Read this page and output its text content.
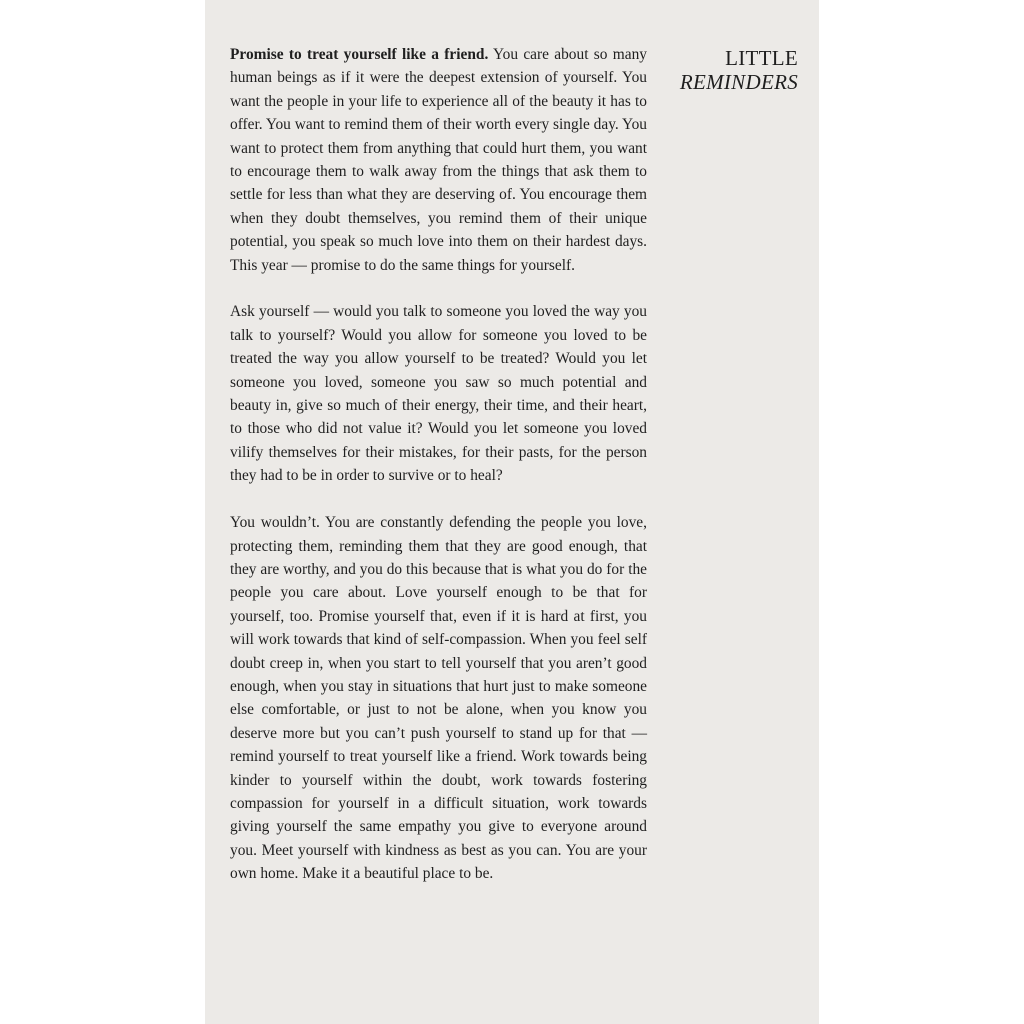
LITTLE
REMINDERS

Promise to treat yourself like a friend. You care about so many human beings as if it were the deepest extension of yourself. You want the people in your life to experience all of the beauty it has to offer. You want to remind them of their worth every single day. You want to protect them from anything that could hurt them, you want to encourage them to walk away from the things that ask them to settle for less than what they are deserving of. You encourage them when they doubt themselves, you remind them of their unique potential, you speak so much love into them on their hardest days. This year — promise to do the same things for yourself.

Ask yourself — would you talk to someone you loved the way you talk to yourself? Would you allow for someone you loved to be treated the way you allow yourself to be treated? Would you let someone you loved, someone you saw so much potential and beauty in, give so much of their energy, their time, and their heart, to those who did not value it? Would you let someone you loved vilify themselves for their mistakes, for their pasts, for the person they had to be in order to survive or to heal?

You wouldn’t. You are constantly defending the people you love, protecting them, reminding them that they are good enough, that they are worthy, and you do this because that is what you do for the people you care about. Love yourself enough to be that for yourself, too. Promise yourself that, even if it is hard at first, you will work towards that kind of self-compassion. When you feel self doubt creep in, when you start to tell yourself that you aren’t good enough, when you stay in situations that hurt just to make someone else comfortable, or just to not be alone, when you know you deserve more but you can’t push yourself to stand up for that — remind yourself to treat yourself like a friend. Work towards being kinder to yourself within the doubt, work towards fostering compassion for yourself in a difficult situation, work towards giving yourself the same empathy you give to everyone around you. Meet yourself with kindness as best as you can. You are your own home. Make it a beautiful place to be.
